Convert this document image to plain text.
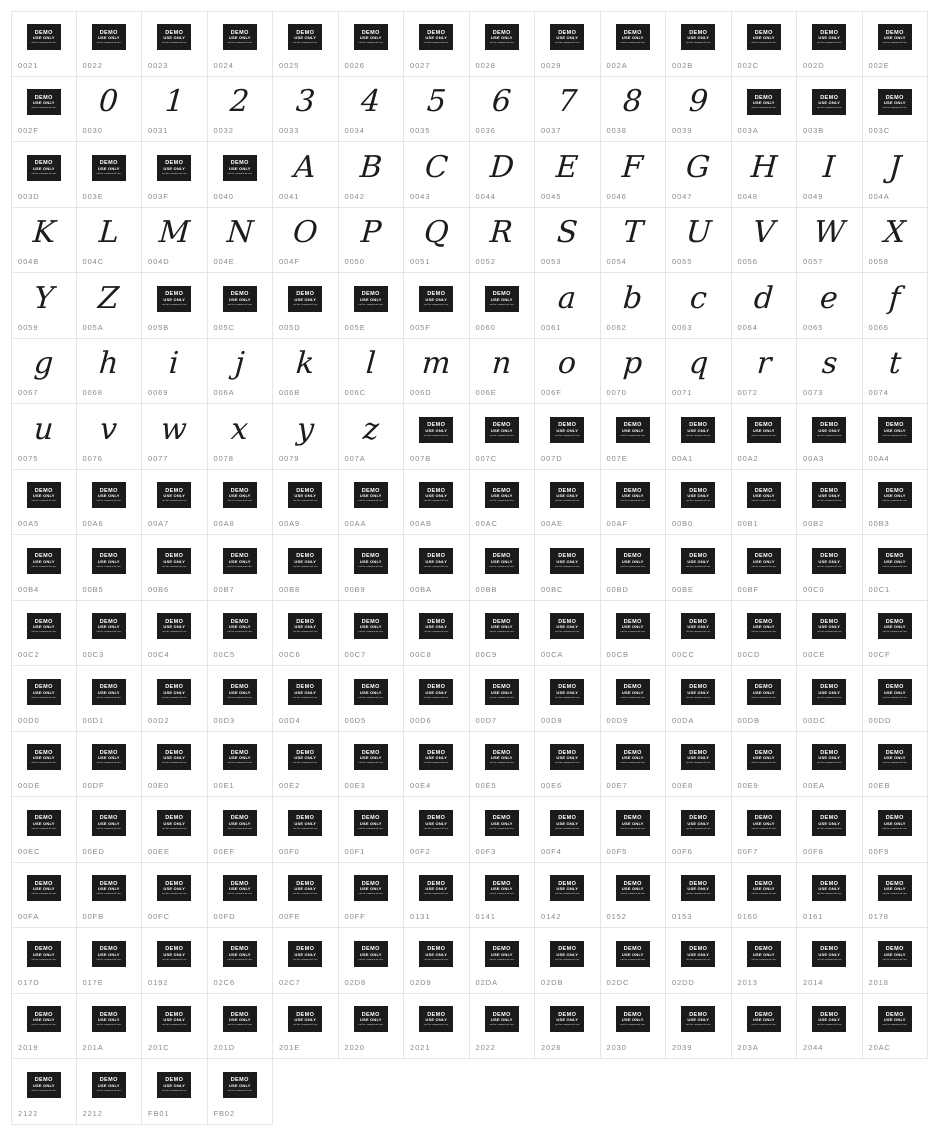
DEMO
USE ONLY
not for commercial use
0021
DEMO
USE ONLY
not for commercial use
0022
DEMO
USE ONLY
not for commercial use
0023
DEMO
USE ONLY
not for commercial use
0024
DEMO
USE ONLY
not for commercial use
0025
DEMO
USE ONLY
not for commercial use
0026
DEMO
USE ONLY
not for commercial use
0027
DEMO
USE ONLY
not for commercial use
0028
DEMO
USE ONLY
not for commercial use
0029
DEMO
USE ONLY
not for commercial use
002A
DEMO
USE ONLY
not for commercial use
002B
DEMO
USE ONLY
not for commercial use
002C
DEMO
USE ONLY
not for commercial use
002D
DEMO
USE ONLY
not for commercial use
002E
DEMO
USE ONLY
not for commercial use
002F
0
0030
1
0031
2
0032
3
0033
4
0034
5
0035
6
0036
7
0037
8
0038
9
0039
DEMO
USE ONLY
not for commercial use
003A
DEMO
USE ONLY
not for commercial use
003B
DEMO
USE ONLY
not for commercial use
003C
DEMO
USE ONLY
not for commercial use
003D
DEMO
USE ONLY
not for commercial use
003E
DEMO
USE ONLY
not for commercial use
003F
DEMO
USE ONLY
not for commercial use
0040
A
0041
B
0042
C
0043
D
0044
E
0045
F
0046
G
0047
H
0048
I
0049
J
004A
K
004B
L
004C
M
004D
N
004E
O
004F
P
0050
Q
0051
R
0052
S
0053
T
0054
U
0055
V
0056
W
0057
X
0058
Y
0059
Z
005A
DEMO
USE ONLY
not for commercial use
005B
DEMO
USE ONLY
not for commercial use
005C
DEMO
USE ONLY
not for commercial use
005D
DEMO
USE ONLY
not for commercial use
005E
DEMO
USE ONLY
not for commercial use
005F
DEMO
USE ONLY
not for commercial use
0060
a
0061
b
0062
c
0063
d
0064
e
0065
f
0066
g
0067
h
0068
i
0069
j
006A
k
006B
l
006C
m
006D
n
006E
o
006F
p
0070
q
0071
r
0072
s
0073
t
0074
u
0075
v
0076
w
0077
x
0078
y
0079
z
007A
DEMO
USE ONLY
not for commercial use
007B
DEMO
USE ONLY
not for commercial use
007C
DEMO
USE ONLY
not for commercial use
007D
DEMO
USE ONLY
not for commercial use
007E
DEMO
USE ONLY
not for commercial use
00A1
DEMO
USE ONLY
not for commercial use
00A2
DEMO
USE ONLY
not for commercial use
00A3
DEMO
USE ONLY
not for commercial use
00A4
DEMO
USE ONLY
not for commercial use
00A5
DEMO
USE ONLY
not for commercial use
00A6
DEMO
USE ONLY
not for commercial use
00A7
DEMO
USE ONLY
not for commercial use
00A8
DEMO
USE ONLY
not for commercial use
00A9
DEMO
USE ONLY
not for commercial use
00AA
DEMO
USE ONLY
not for commercial use
00AB
DEMO
USE ONLY
not for commercial use
00AC
DEMO
USE ONLY
not for commercial use
00AE
DEMO
USE ONLY
not for commercial use
00AF
DEMO
USE ONLY
not for commercial use
00B0
DEMO
USE ONLY
not for commercial use
00B1
DEMO
USE ONLY
not for commercial use
00B2
DEMO
USE ONLY
not for commercial use
00B3
DEMO
USE ONLY
not for commercial use
00B4
DEMO
USE ONLY
not for commercial use
00B5
DEMO
USE ONLY
not for commercial use
00B6
DEMO
USE ONLY
not for commercial use
00B7
DEMO
USE ONLY
not for commercial use
00B8
DEMO
USE ONLY
not for commercial use
00B9
DEMO
USE ONLY
not for commercial use
00BA
DEMO
USE ONLY
not for commercial use
00BB
DEMO
USE ONLY
not for commercial use
00BC
DEMO
USE ONLY
not for commercial use
00BD
DEMO
USE ONLY
not for commercial use
00BE
DEMO
USE ONLY
not for commercial use
00BF
DEMO
USE ONLY
not for commercial use
00C0
DEMO
USE ONLY
not for commercial use
00C1
DEMO
USE ONLY
not for commercial use
00C2
DEMO
USE ONLY
not for commercial use
00C3
DEMO
USE ONLY
not for commercial use
00C4
DEMO
USE ONLY
not for commercial use
00C5
DEMO
USE ONLY
not for commercial use
00C6
DEMO
USE ONLY
not for commercial use
00C7
DEMO
USE ONLY
not for commercial use
00C8
DEMO
USE ONLY
not for commercial use
00C9
DEMO
USE ONLY
not for commercial use
00CA
DEMO
USE ONLY
not for commercial use
00CB
DEMO
USE ONLY
not for commercial use
00CC
DEMO
USE ONLY
not for commercial use
00CD
DEMO
USE ONLY
not for commercial use
00CE
DEMO
USE ONLY
not for commercial use
00CF
DEMO
USE ONLY
not for commercial use
00D0
DEMO
USE ONLY
not for commercial use
00D1
DEMO
USE ONLY
not for commercial use
00D2
DEMO
USE ONLY
not for commercial use
00D3
DEMO
USE ONLY
not for commercial use
00D4
DEMO
USE ONLY
not for commercial use
00D5
DEMO
USE ONLY
not for commercial use
00D6
DEMO
USE ONLY
not for commercial use
00D7
DEMO
USE ONLY
not for commercial use
00D8
DEMO
USE ONLY
not for commercial use
00D9
DEMO
USE ONLY
not for commercial use
00DA
DEMO
USE ONLY
not for commercial use
00DB
DEMO
USE ONLY
not for commercial use
00DC
DEMO
USE ONLY
not for commercial use
00DD
DEMO
USE ONLY
not for commercial use
00DE
DEMO
USE ONLY
not for commercial use
00DF
DEMO
USE ONLY
not for commercial use
00E0
DEMO
USE ONLY
not for commercial use
00E1
DEMO
USE ONLY
not for commercial use
00E2
DEMO
USE ONLY
not for commercial use
00E3
DEMO
USE ONLY
not for commercial use
00E4
DEMO
USE ONLY
not for commercial use
00E5
DEMO
USE ONLY
not for commercial use
00E6
DEMO
USE ONLY
not for commercial use
00E7
DEMO
USE ONLY
not for commercial use
00E8
DEMO
USE ONLY
not for commercial use
00E9
DEMO
USE ONLY
not for commercial use
00EA
DEMO
USE ONLY
not for commercial use
00EB
DEMO
USE ONLY
not for commercial use
00EC
DEMO
USE ONLY
not for commercial use
00ED
DEMO
USE ONLY
not for commercial use
00EE
DEMO
USE ONLY
not for commercial use
00EF
DEMO
USE ONLY
not for commercial use
00F0
DEMO
USE ONLY
not for commercial use
00F1
DEMO
USE ONLY
not for commercial use
00F2
DEMO
USE ONLY
not for commercial use
00F3
DEMO
USE ONLY
not for commercial use
00F4
DEMO
USE ONLY
not for commercial use
00F5
DEMO
USE ONLY
not for commercial use
00F6
DEMO
USE ONLY
not for commercial use
00F7
DEMO
USE ONLY
not for commercial use
00F8
DEMO
USE ONLY
not for commercial use
00F9
DEMO
USE ONLY
not for commercial use
00FA
DEMO
USE ONLY
not for commercial use
00FB
DEMO
USE ONLY
not for commercial use
00FC
DEMO
USE ONLY
not for commercial use
00FD
DEMO
USE ONLY
not for commercial use
00FE
DEMO
USE ONLY
not for commercial use
00FF
DEMO
USE ONLY
not for commercial use
0131
DEMO
USE ONLY
not for commercial use
0141
DEMO
USE ONLY
not for commercial use
0142
DEMO
USE ONLY
not for commercial use
0152
DEMO
USE ONLY
not for commercial use
0153
DEMO
USE ONLY
not for commercial use
0160
DEMO
USE ONLY
not for commercial use
0161
DEMO
USE ONLY
not for commercial use
0178
DEMO
USE ONLY
not for commercial use
017D
DEMO
USE ONLY
not for commercial use
017E
DEMO
USE ONLY
not for commercial use
0192
DEMO
USE ONLY
not for commercial use
02C6
DEMO
USE ONLY
not for commercial use
02C7
DEMO
USE ONLY
not for commercial use
02D8
DEMO
USE ONLY
not for commercial use
02D9
DEMO
USE ONLY
not for commercial use
02DA
DEMO
USE ONLY
not for commercial use
02DB
DEMO
USE ONLY
not for commercial use
02DC
DEMO
USE ONLY
not for commercial use
02DD
DEMO
USE ONLY
not for commercial use
2013
DEMO
USE ONLY
not for commercial use
2014
DEMO
USE ONLY
not for commercial use
2018
DEMO
USE ONLY
not for commercial use
2019
DEMO
USE ONLY
not for commercial use
201A
DEMO
USE ONLY
not for commercial use
201C
DEMO
USE ONLY
not for commercial use
201D
DEMO
USE ONLY
not for commercial use
201E
DEMO
USE ONLY
not for commercial use
2020
DEMO
USE ONLY
not for commercial use
2021
DEMO
USE ONLY
not for commercial use
2022
DEMO
USE ONLY
not for commercial use
2026
DEMO
USE ONLY
not for commercial use
2030
DEMO
USE ONLY
not for commercial use
2039
DEMO
USE ONLY
not for commercial use
203A
DEMO
USE ONLY
not for commercial use
2044
DEMO
USE ONLY
not for commercial use
20AC
DEMO
USE ONLY
not for commercial use
2122
DEMO
USE ONLY
not for commercial use
2212
DEMO
USE ONLY
not for commercial use
FB01
DEMO
USE ONLY
not for commercial use
FB02
